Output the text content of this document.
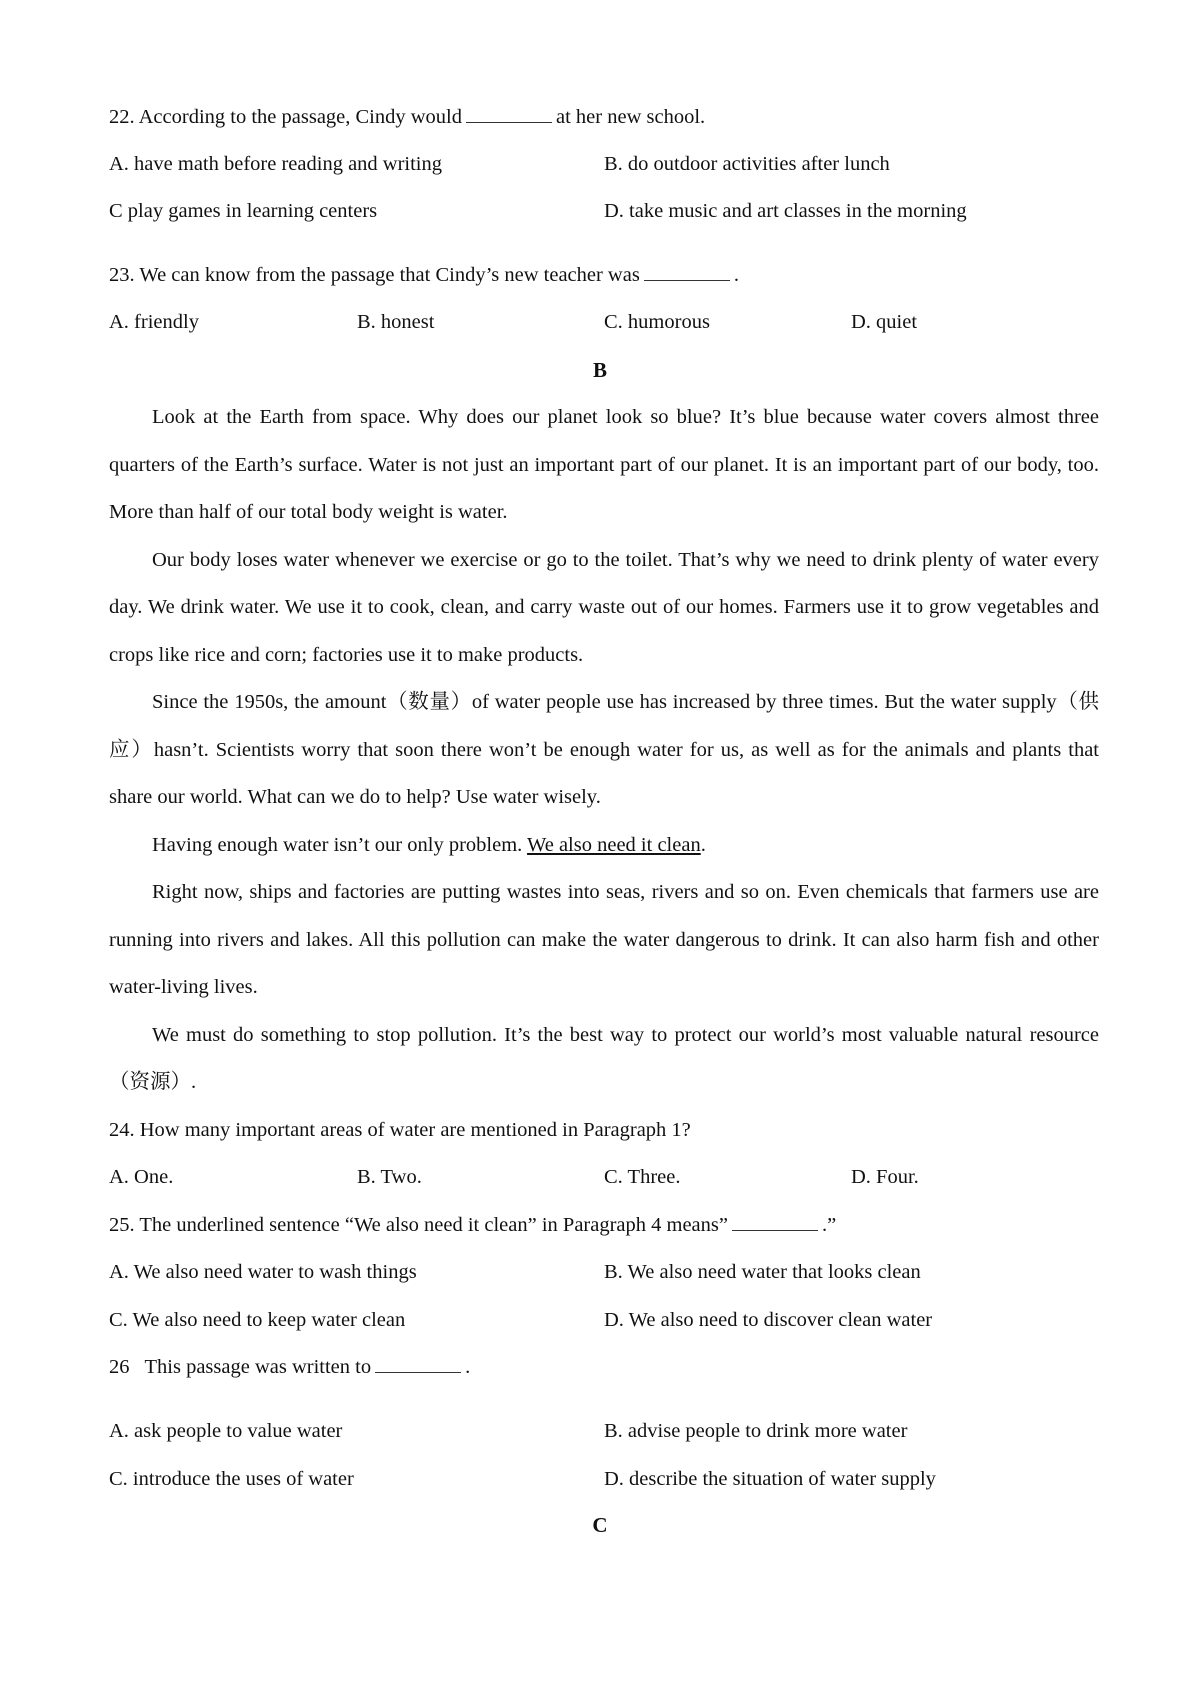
22. According to the passage, Cindy would	at her new school.
A. have math before reading and writing	B. do outdoor activities after lunch
C play games in learning centers	D. take music and art classes in the morning
23. We can know from the passage that Cindy’s new teacher was	.
A. friendly	B. honest	C. humorous	D. quiet
B
Look at the Earth from space. Why does our planet look so blue? It’s blue because water covers almost three
quarters of the Earth’s surface. Water is not just an important part of our planet. It is an important part of our body, too.
More than half of our total body weight is water.
Our body loses water whenever we exercise or go to the toilet. That’s why we need to drink plenty of water every
day. We drink water. We use it to cook, clean, and carry waste out of our homes. Farmers use it to grow vegetables and
crops like rice and corn; factories use it to make products.
Since the 1950s, the amount（数量）of water people use has increased by three times. But the water supply（供
应）hasn’t. Scientists worry that soon there won’t be enough water for us, as well as for the animals and plants that
share our world. What can we do to help? Use water wisely.
Having enough water isn’t our only problem. We also need it clean.
Right now, ships and factories are putting wastes into seas, rivers and so on. Even chemicals that farmers use are
running into rivers and lakes. All this pollution can make the water dangerous to drink. It can also harm fish and other
water-living lives.
We must do something to stop pollution. It’s the best way to protect our world’s most valuable natural resource
（资源）.
24. How many important areas of water are mentioned in Paragraph 1?
A. One.	B. Two.	C. Three.	D. Four.
25. The underlined sentence “We also need it clean” in Paragraph 4 means”	.”
A. We also need water to wash things	B. We also need water that looks clean
C. We also need to keep water clean	D. We also need to discover clean water
26   This passage was written to	.
A. ask people to value water	B. advise people to drink more water
C. introduce the uses of water	D. describe the situation of water supply
C
